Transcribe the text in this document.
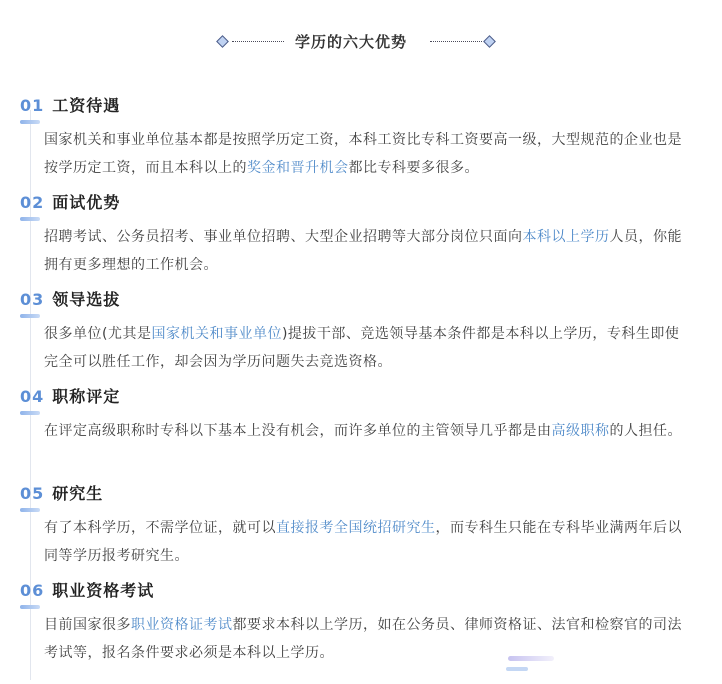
学历的六大优势
01 工资待遇
国家机关和事业单位基本都是按照学历定工资，本科工资比专科工资要高一级，大型规范的企业也是按学历定工资，而且本科以上的奖金和晋升机会都比专科要多很多。
02 面试优势
招聘考试、公务员招考、事业单位招聘、大型企业招聘等大部分岗位只面向本科以上学历人员，你能拥有更多理想的工作机会。
03 领导选拔
很多单位(尤其是国家机关和事业单位)提拔干部、竞选领导基本条件都是本科以上学历，专科生即使完全可以胜任工作，却会因为学历问题失去竞选资格。
04 职称评定
在评定高级职称时专科以下基本上没有机会，而许多单位的主管领导几乎都是由高级职称的人担任。
05 研究生
有了本科学历，不需学位证，就可以直接报考全国统招研究生，而专科生只能在专科毕业满两年后以同等学历报考研究生。
06 职业资格考试
目前国家很多职业资格证考试都要求本科以上学历，如在公务员、律师资格证、法官和检察官的司法考试等，报名条件要求必须是本科以上学历。
